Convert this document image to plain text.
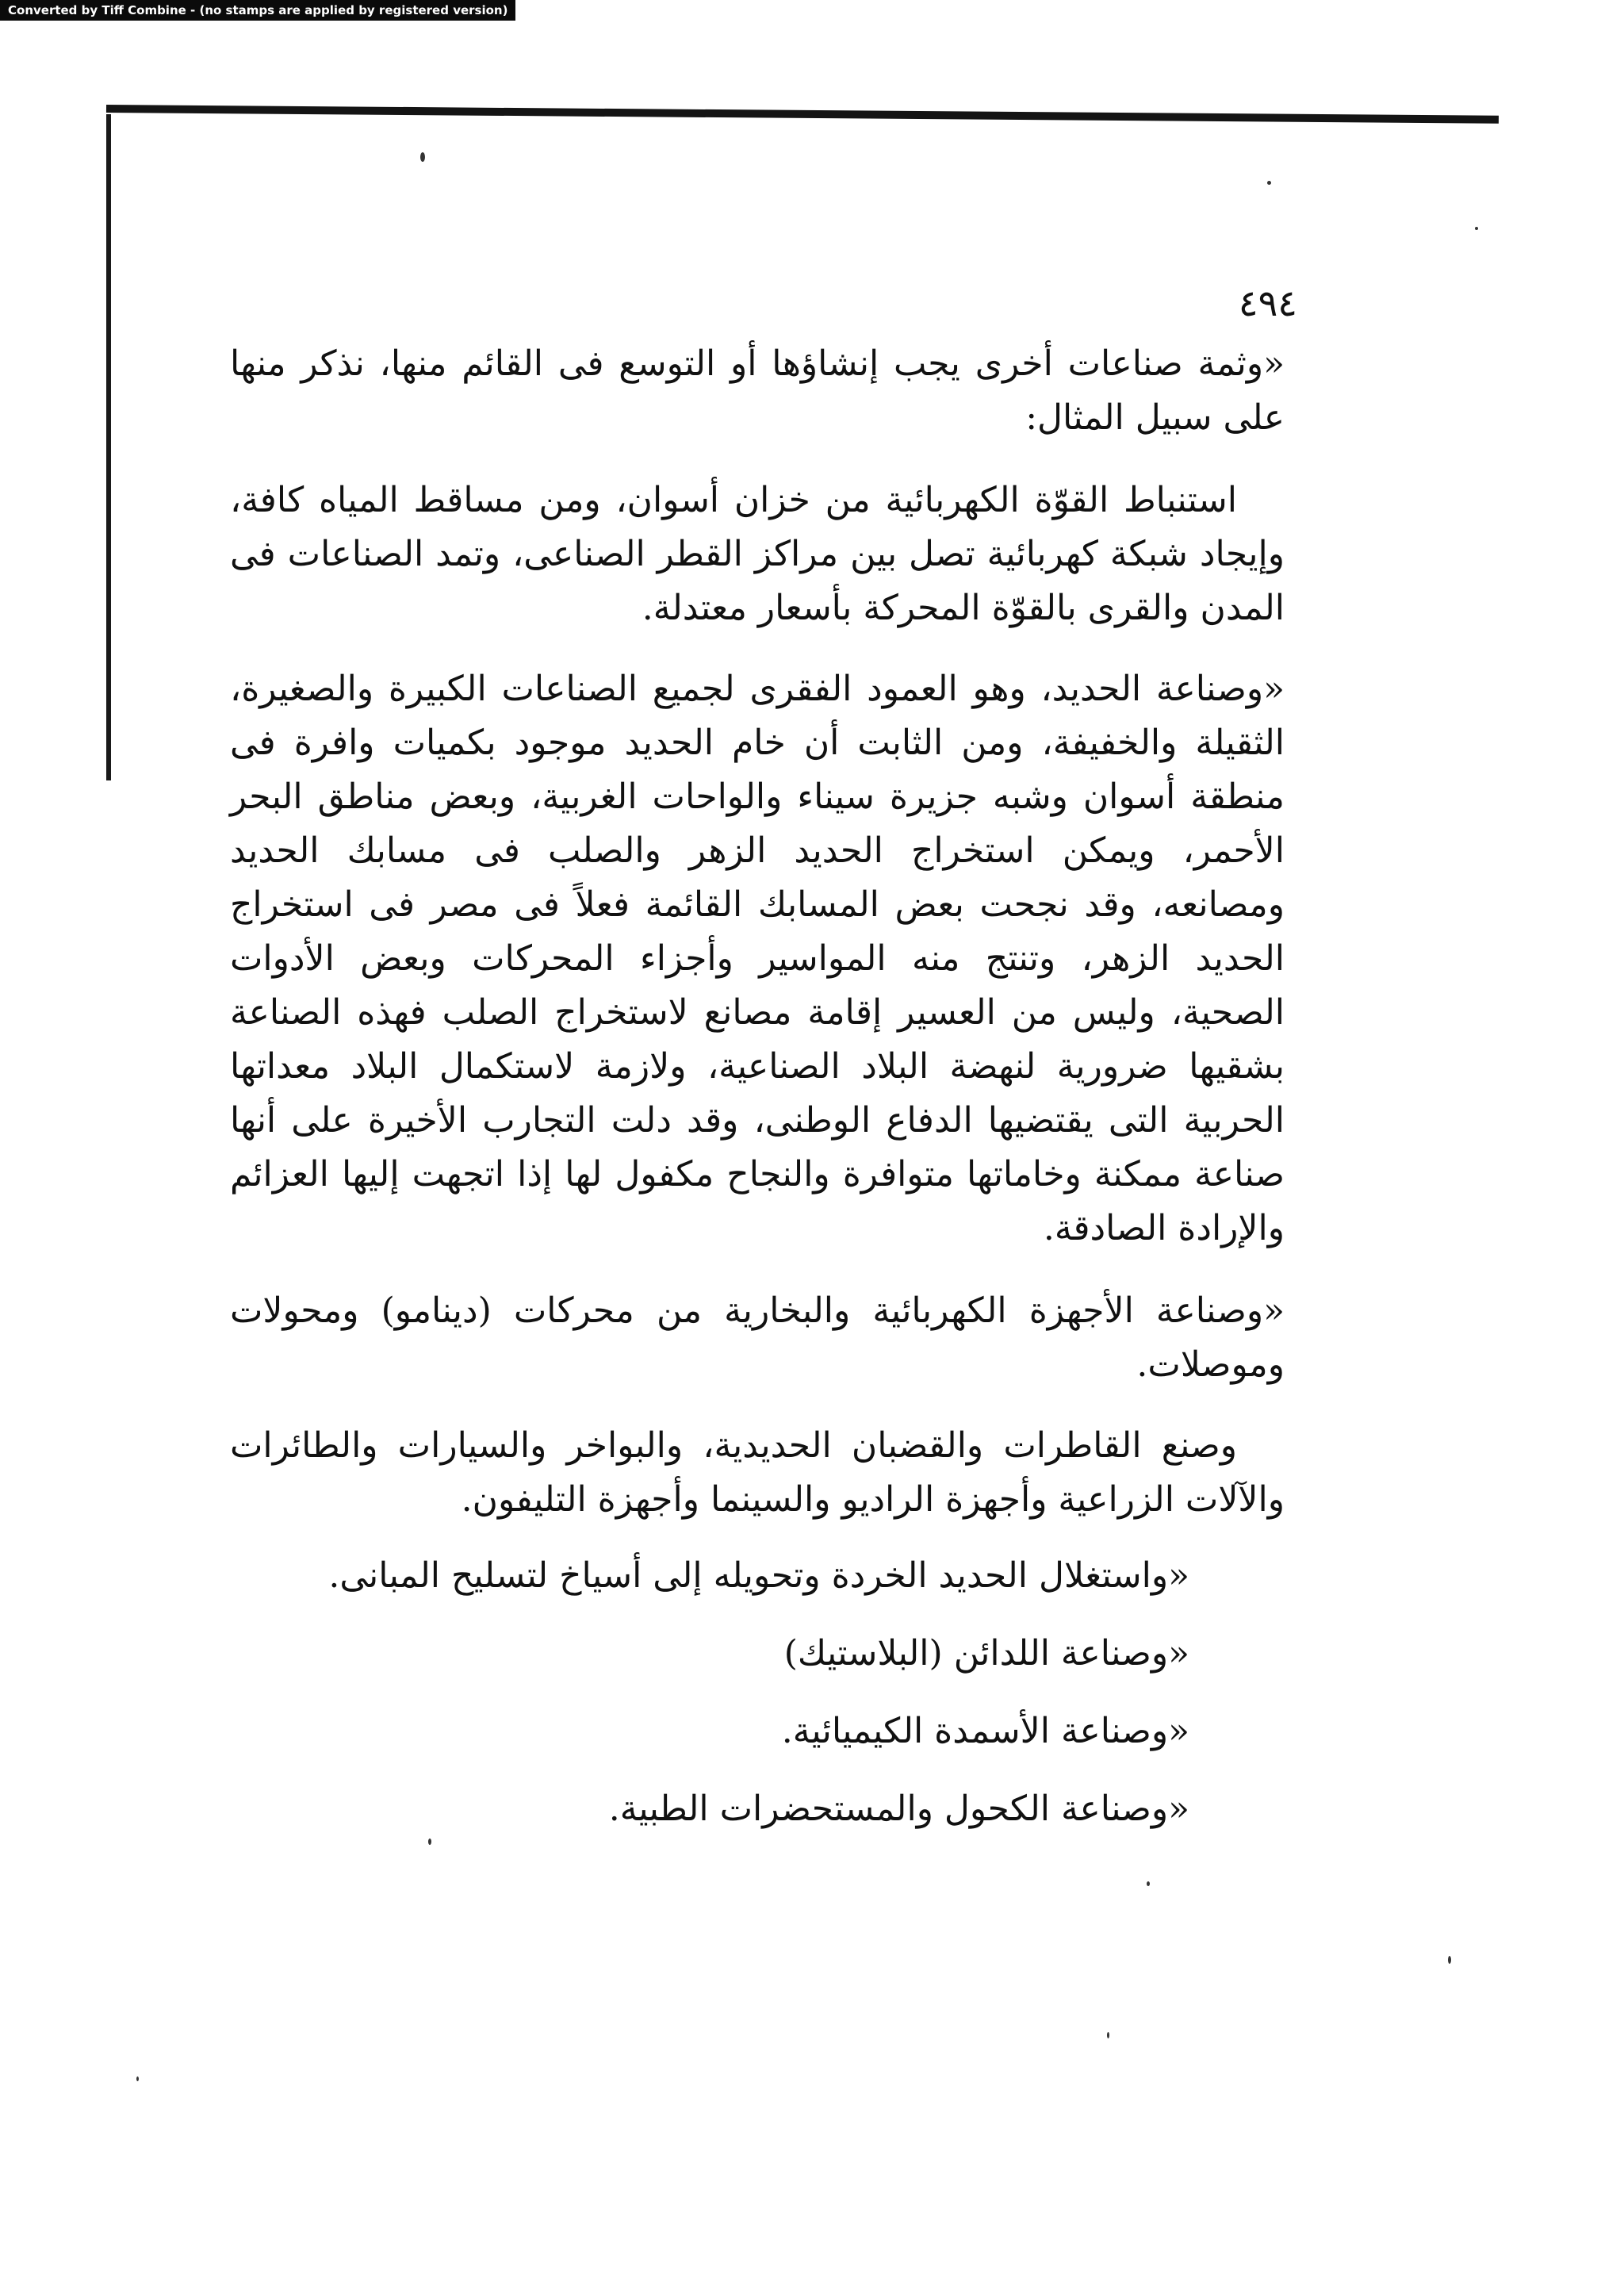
Converted by Tiff Combine - (no stamps are applied by registered version)
٤٩٤

«وثمة صناعات أخرى يجب إنشاؤها أو التوسع فى القائم منها، نذكر منها على سبيل المثال:

استنباط القوّة الكهربائية من خزان أسوان، ومن مساقط المياه كافة، وإيجاد شبكة كهربائية تصل بين مراكز القطر الصناعى، وتمد الصناعات فى المدن والقرى بالقوّة المحركة بأسعار معتدلة.

«وصناعة الحديد، وهو العمود الفقرى لجميع الصناعات الكبيرة والصغيرة، الثقيلة والخفيفة، ومن الثابت أن خام الحديد موجود بكميات وافرة فى منطقة أسوان وشبه جزيرة سيناء والواحات الغربية، وبعض مناطق البحر الأحمر، ويمكن استخراج الحديد الزهر والصلب فى مسابك الحديد ومصانعه، وقد نجحت بعض المسابك القائمة فعلاً فى مصر فى استخراج الحديد الزهر، وتنتج منه المواسير وأجزاء المحركات وبعض الأدوات الصحية، وليس من العسير إقامة مصانع لاستخراج الصلب فهذه الصناعة بشقيها ضرورية لنهضة البلاد الصناعية، ولازمة لاستكمال البلاد معداتها الحربية التى يقتضيها الدفاع الوطنى، وقد دلت التجارب الأخيرة على أنها صناعة ممكنة وخاماتها متوافرة والنجاح مكفول لها إذا اتجهت إليها العزائم والإرادة الصادقة.

«وصناعة الأجهزة الكهربائية والبخارية من محركات (دينامو) ومحولات وموصلات.

وصنع القاطرات والقضبان الحديدية، والبواخر والسيارات والطائرات والآلات الزراعية وأجهزة الراديو والسينما وأجهزة التليفون.

«واستغلال الحديد الخردة وتحويله إلى أسياخ لتسليح المبانى.

«وصناعة اللدائن (البلاستيك)

«وصناعة الأسمدة الكيميائية.

«وصناعة الكحول والمستحضرات الطبية.
